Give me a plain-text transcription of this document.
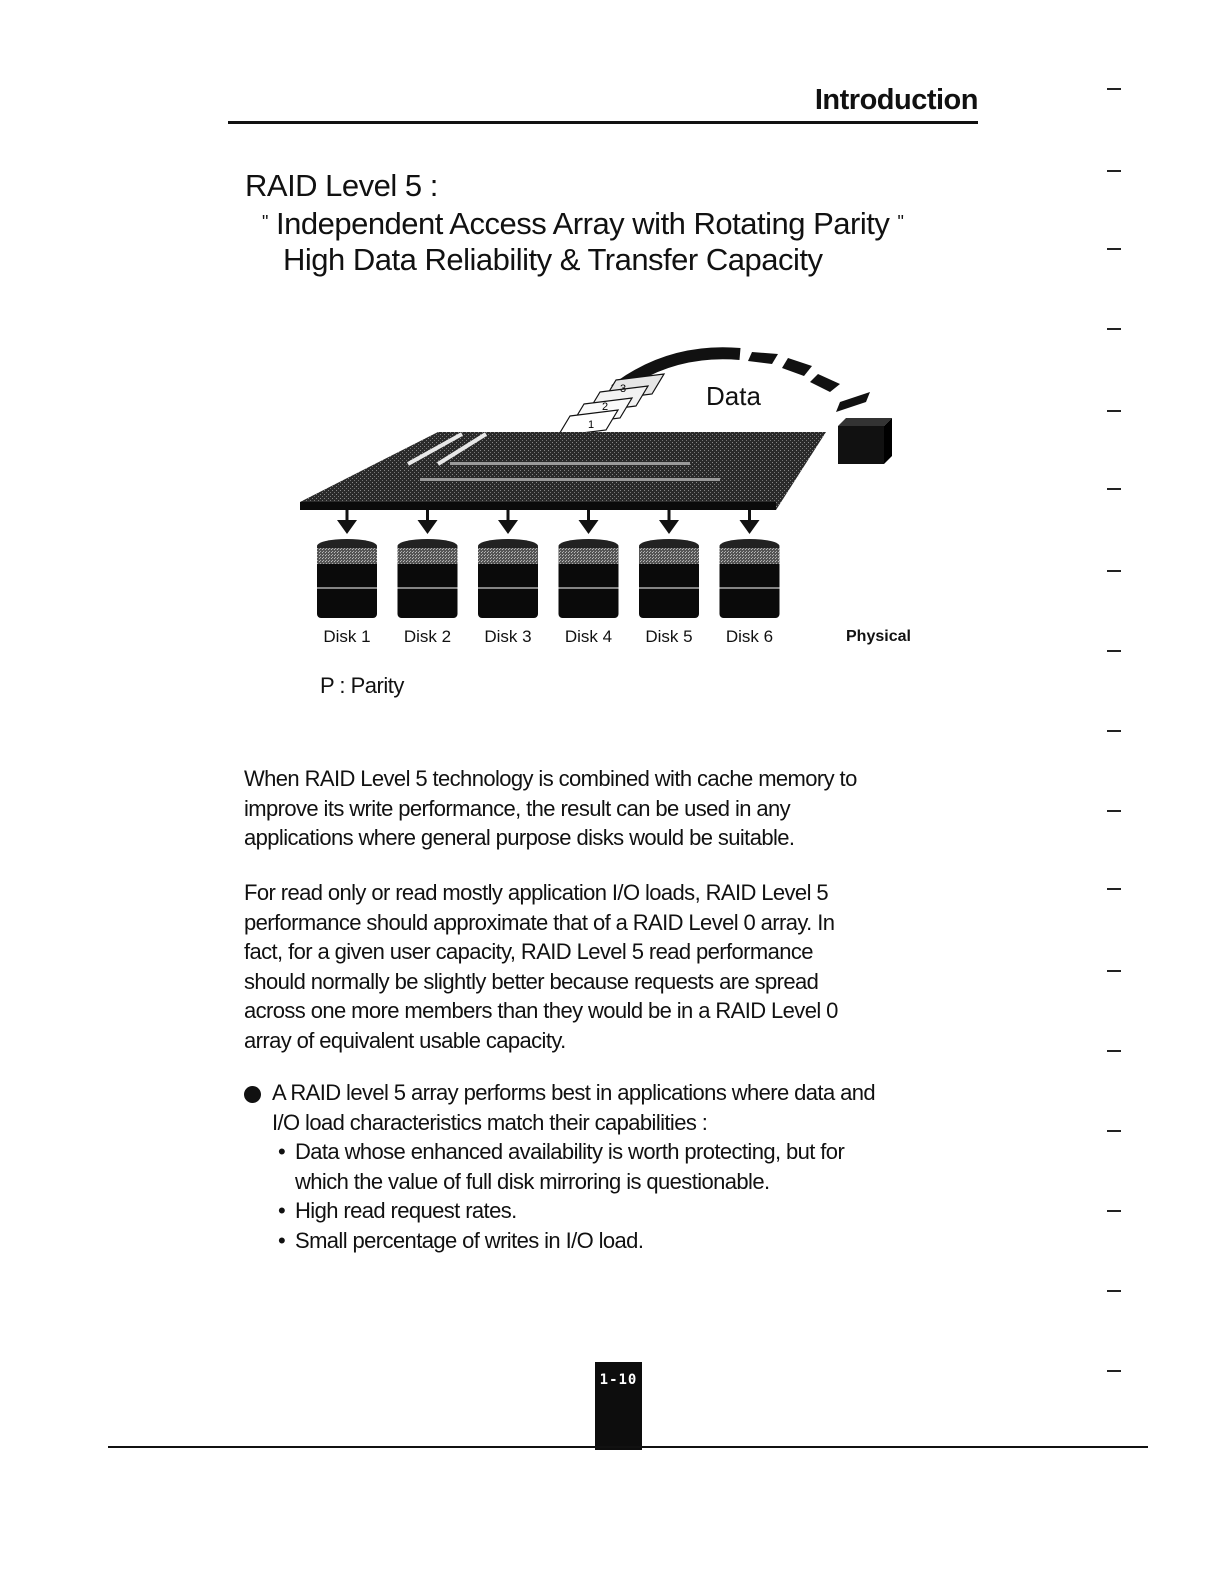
Introduction
RAID Level 5 :
" Independent Access Array with Rotating Parity "
High Data Reliability & Transfer Capacity
3
2
1
Data
Disk 1 Disk 2 Disk 3 Disk 4 Disk 5 Disk 6	Physical
P : Parity
When RAID Level 5 technology is combined with cache memory to
improve its write performance, the result can be used in any
applications where general purpose disks would be suitable.
For read only or read mostly application I/O loads, RAID Level 5
performance should approximate that of a RAID Level 0 array. In
fact, for a given user capacity, RAID Level 5 read performance
should normally be slightly better because requests are spread
across one more members than they would be in a RAID Level 0
array of equivalent usable capacity.
A RAID level 5 array performs best in applications where data and
I/O load characteristics match their capabilities :
• Data whose enhanced availability is worth protecting, but for
which the value of full disk mirroring is questionable.
• High read request rates.
• Small percentage of writes in I/O load.
1-10
